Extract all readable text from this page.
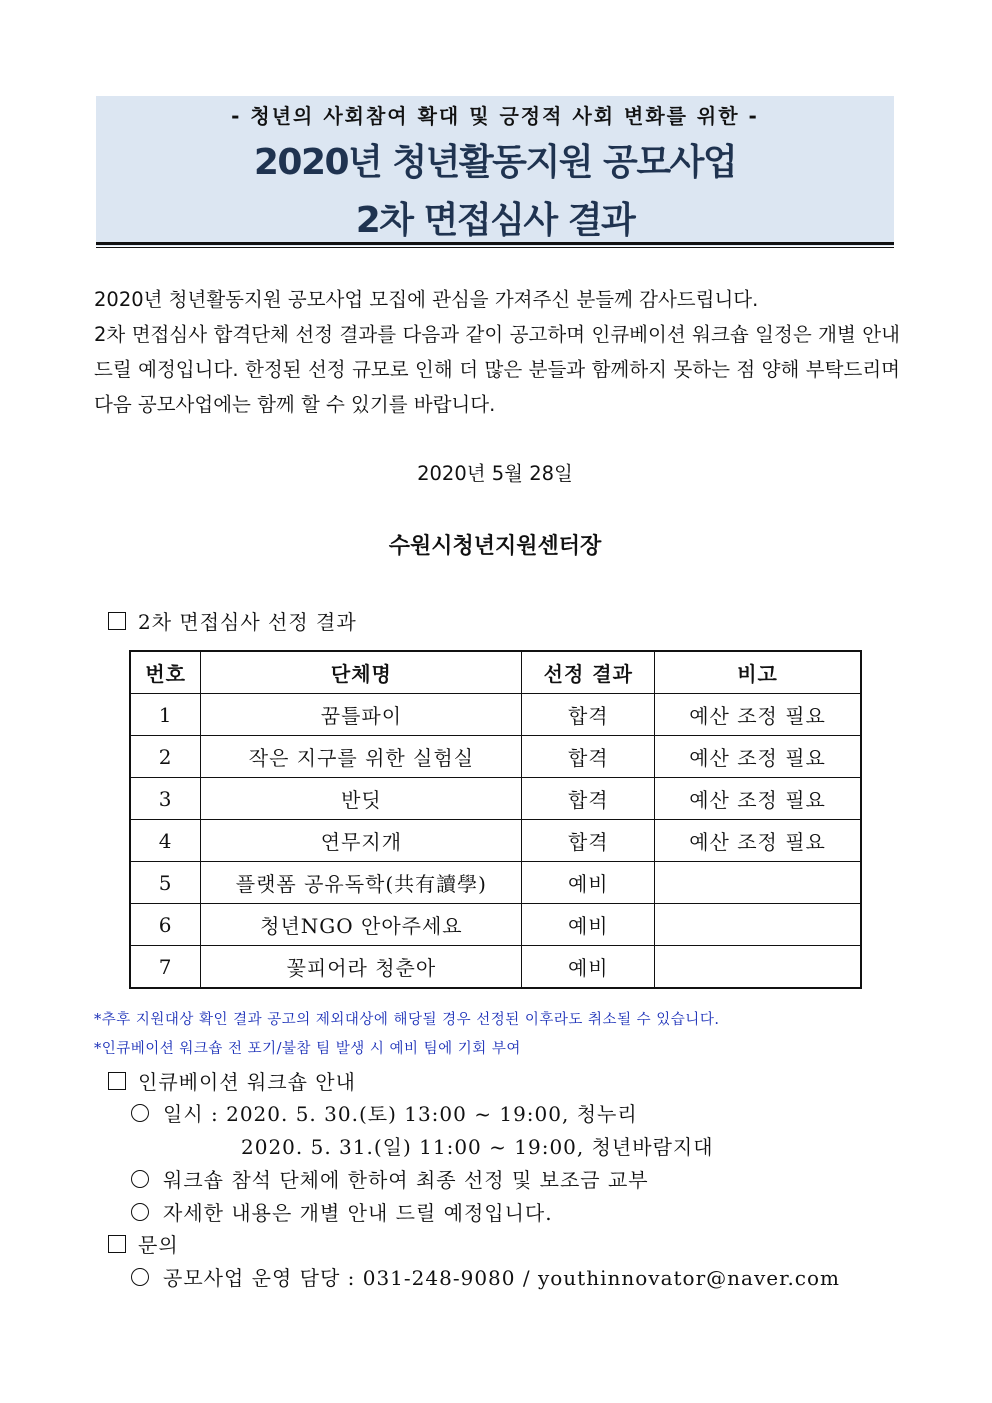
- 청년의 사회참여 확대 및 긍정적 사회 변화를 위한 -
2020년 청년활동지원 공모사업
2차 면접심사 결과

2020년 청년활동지원 공모사업 모집에 관심을 가져주신 분들께 감사드립니다.

2차 면접심사 합격단체 선정 결과를 다음과 같이 공고하며 인큐베이션 워크숍 일정은 개별 안내드릴 예정입니다. 한정된 선정 규모로 인해 더 많은 분들과 함께하지 못하는 점 양해 부탁드리며 다음 공모사업에는 함께 할 수 있기를 바랍니다.

2020년 5월 28일
수원시청년지원센터장
2차 면접심사 선정 결과
번호	단체명	선정 결과	비고
1	꿈틀파이	합격	예산 조정 필요
2	작은 지구를 위한 실험실	합격	예산 조정 필요
3	반딧	합격	예산 조정 필요
4	연무지개	합격	예산 조정 필요
5	플랫폼 공유독학(共有讀學)	예비	
6	청년NGO 안아주세요	예비	
7	꽃피어라 청춘아	예비	
*추후 지원대상 확인 결과 공고의 제외대상에 해당될 경우 선정된 이후라도 취소될 수 있습니다.
*인큐베이션 워크숍 전 포기/불참 팀 발생 시 예비 팀에 기회 부여
인큐베이션 워크숍 안내
일시 : 2020. 5. 30.(토) 13:00 ~ 19:00, 청누리
2020. 5. 31.(일) 11:00 ~ 19:00, 청년바람지대
워크숍 참석 단체에 한하여 최종 선정 및 보조금 교부
자세한 내용은 개별 안내 드릴 예정입니다.
문의
공모사업 운영 담당 : 031-248-9080 / youthinnovator@naver.com
